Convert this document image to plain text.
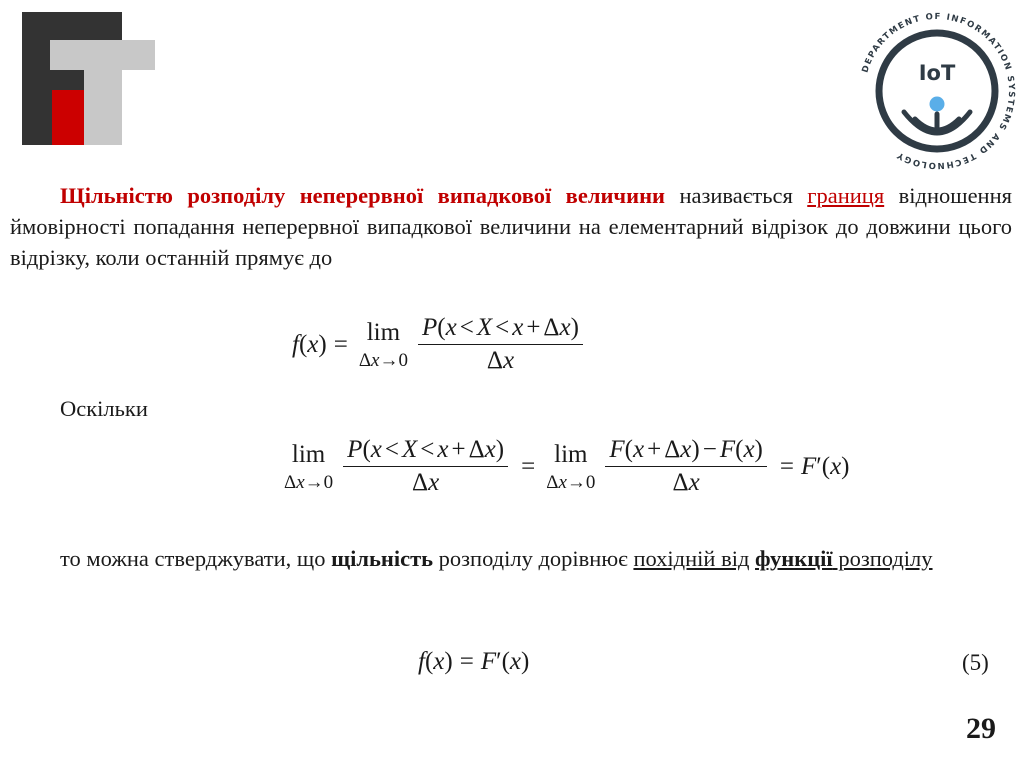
DEPARTMENT OF INFORMATION SYSTEMS AND TECHNOLOGY
IoT
Щільністю розподілу неперервної випадкової величини називається границя відношення ймовірності попадання неперервної випадкової величини на елементарний відрізок до довжини цього відрізку, коли останній прямує до
f ( x ) = lim
$\Delta x\to 0 \frac{P(x < X < x + \Delta x)}{\Delta x}$
Оскільки
lim
$\Delta x\to 0 \frac{P(x < X < x + \Delta x)}{\Delta x} = \lim$
$\Delta x\to 0 \frac{F(x + \Delta x) - F(x)}{\Delta x} = F$ ′( x )
то можна стверджувати, що щільність розподілу дорівнює похідній від функції розподілу
f ( x ) = F ′( x )	(5)
29
